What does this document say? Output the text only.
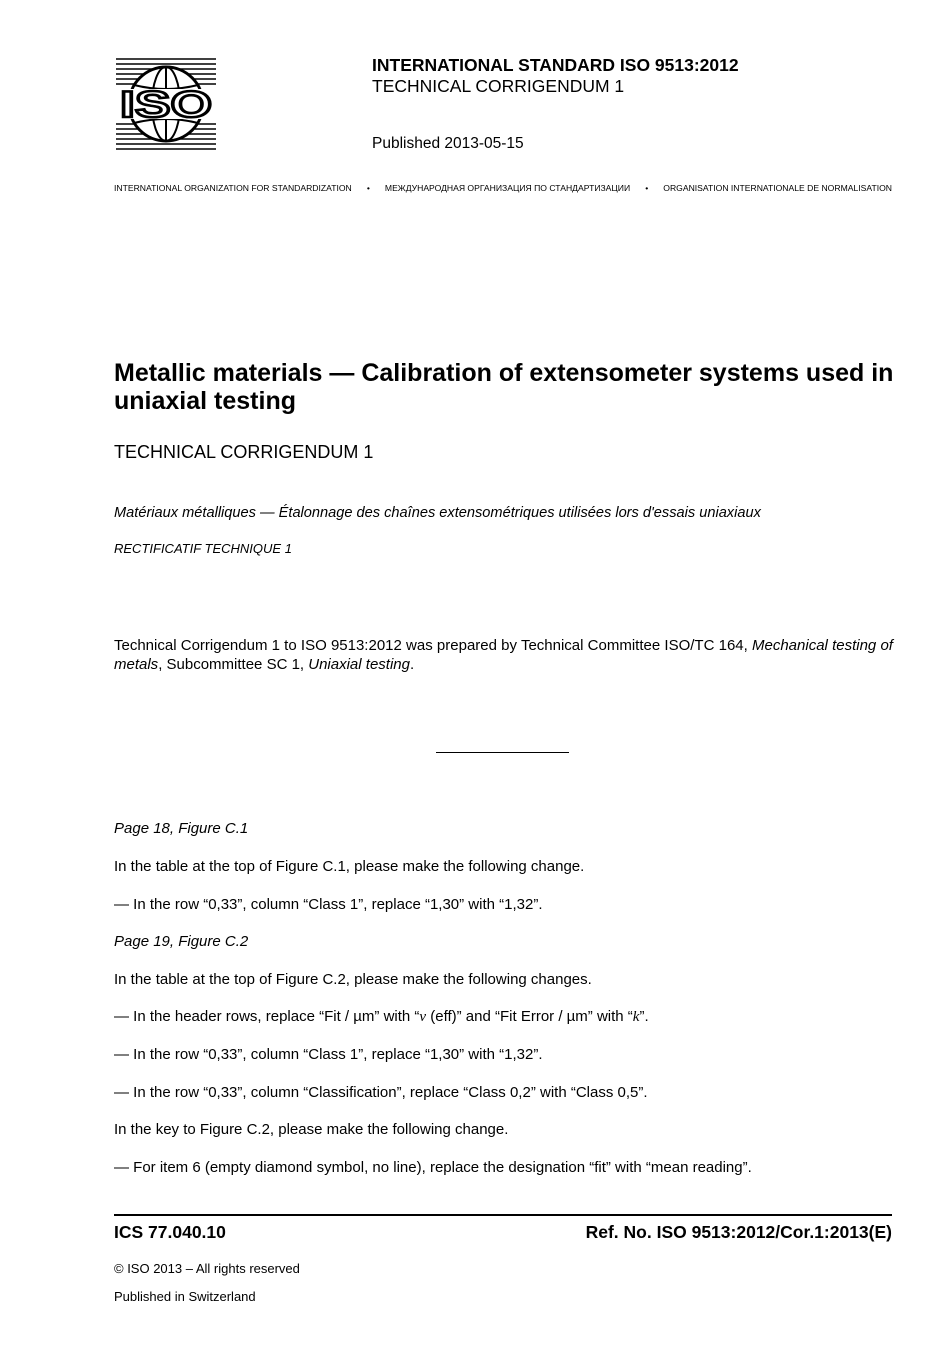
ISO
INTERNATIONAL STANDARD ISO 9513:2012
TECHNICAL CORRIGENDUM 1
Published 2013-05-15
INTERNATIONAL ORGANIZATION FOR STANDARDIZATION • МЕЖДУНАРОДНАЯ ОРГАНИЗАЦИЯ ПО СТАНДАРТИЗАЦИИ • ORGANISATION INTERNATIONALE DE NORMALISATION
Metallic materials — Calibration of extensometer systems used in uniaxial testing
TECHNICAL CORRIGENDUM 1
Matériaux métalliques — Étalonnage des chaînes extensométriques utilisées lors d'essais uniaxiaux
RECTIFICATIF TECHNIQUE 1
Technical Corrigendum 1 to ISO 9513:2012 was prepared by Technical Committee ISO/TC 164, Mechanical testing of metals, Subcommittee SC 1, Uniaxial testing.
Page 18, Figure C.1
In the table at the top of Figure C.1, please make the following change.
— In the row “0,33”, column “Class 1”, replace “1,30” with “1,32”.
Page 19, Figure C.2
In the table at the top of Figure C.2, please make the following changes.
— In the header rows, replace “Fit / µm” with “ν (eff)” and “Fit Error / µm” with “k”.
— In the row “0,33”, column “Class 1”, replace “1,30” with “1,32”.
— In the row “0,33”, column “Classification”, replace “Class 0,2” with “Class 0,5”.
In the key to Figure C.2, please make the following change.
— For item 6 (empty diamond symbol, no line), replace the designation “fit” with “mean reading”.
ICS 77.040.10	Ref. No. ISO 9513:2012/Cor.1:2013(E)
© ISO 2013 – All rights reserved
Published in Switzerland
